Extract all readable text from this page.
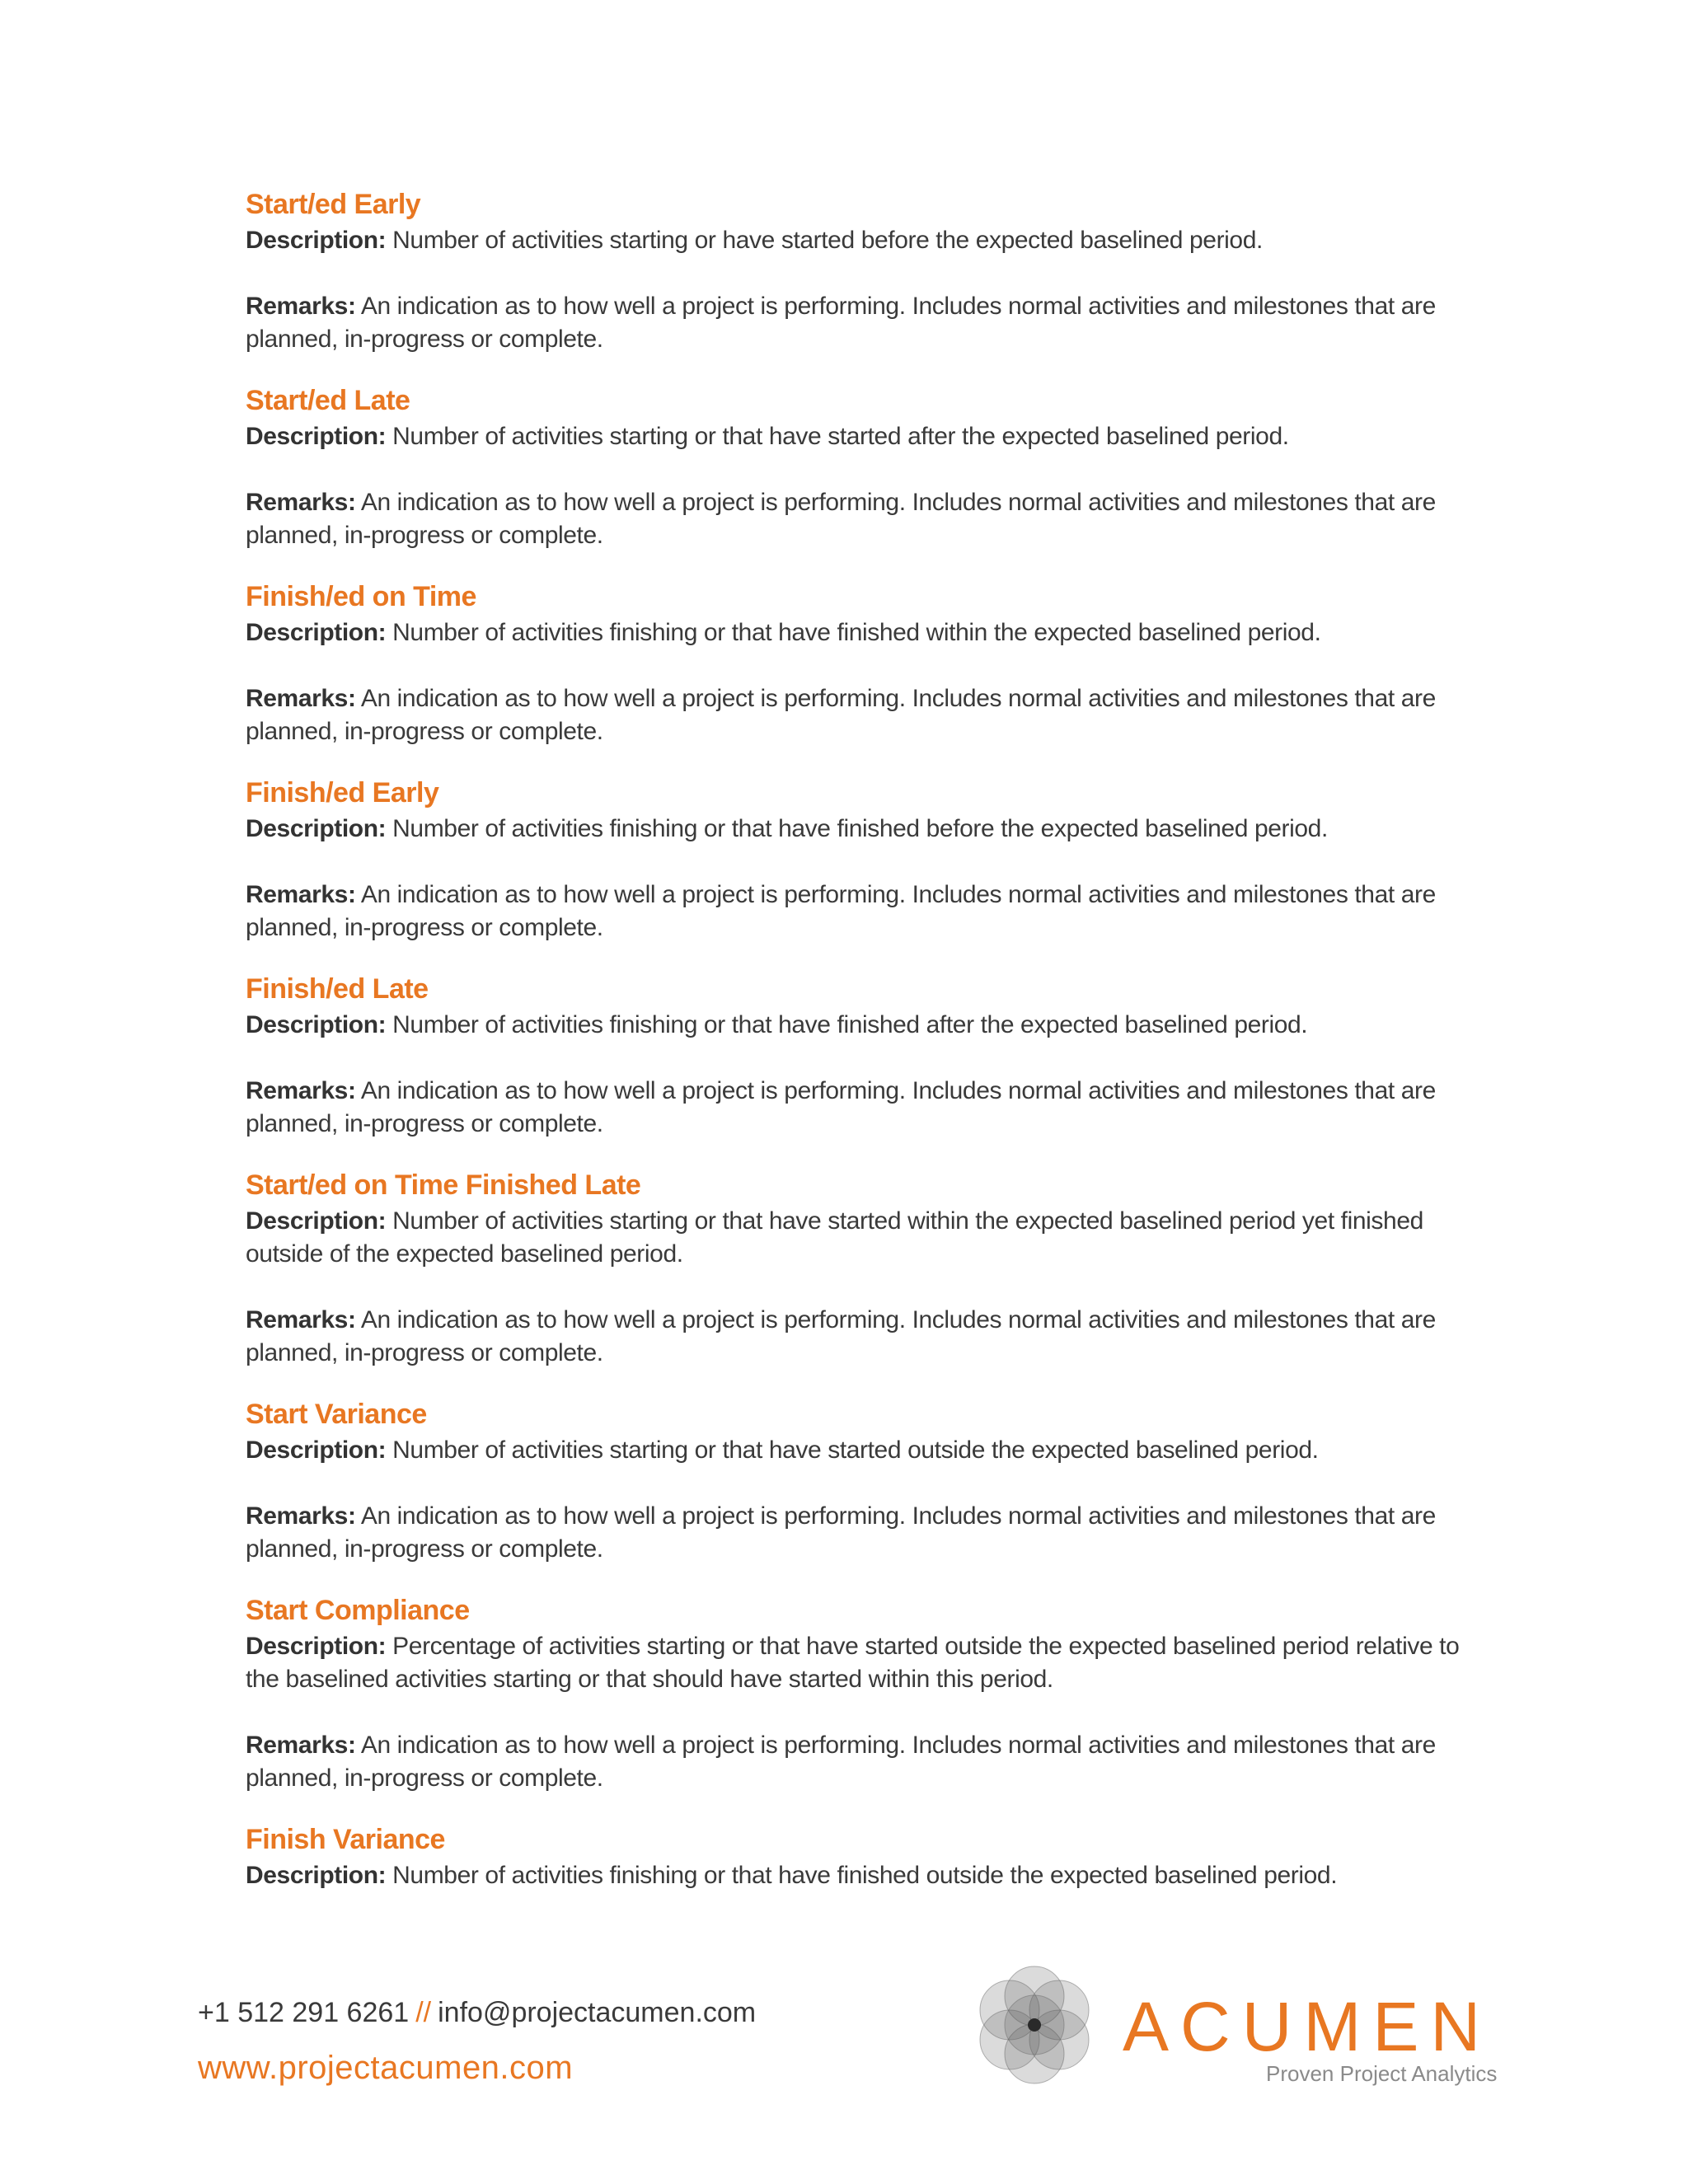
Start/ed Early

Description: Number of activities starting or have started before the expected baselined period.

Remarks: An indication as to how well a project is performing. Includes normal activities and milestones that are planned, in-progress or complete.

Start/ed Late

Description: Number of activities starting or that have started after the expected baselined period.

Remarks: An indication as to how well a project is performing. Includes normal activities and milestones that are planned, in-progress or complete.

Finish/ed on Time

Description: Number of activities finishing or that have finished within the expected baselined period.

Remarks: An indication as to how well a project is performing. Includes normal activities and milestones that are planned, in-progress or complete.

Finish/ed Early

Description: Number of activities finishing or that have finished before the expected baselined period.

Remarks: An indication as to how well a project is performing. Includes normal activities and milestones that are planned, in-progress or complete.

Finish/ed Late

Description: Number of activities finishing or that have finished after the expected baselined period.

Remarks: An indication as to how well a project is performing. Includes normal activities and milestones that are planned, in-progress or complete.

Start/ed on Time Finished Late

Description: Number of activities starting or that have started within the expected baselined period yet finished outside of the expected baselined period.

Remarks: An indication as to how well a project is performing. Includes normal activities and milestones that are planned, in-progress or complete.

Start Variance

Description: Number of activities starting or that have started outside the expected baselined period.

Remarks: An indication as to how well a project is performing. Includes normal activities and milestones that are planned, in-progress or complete.

Start Compliance

Description: Percentage of activities starting or that have started outside the expected baselined period relative to the baselined activities starting or that should have started within this period.

Remarks: An indication as to how well a project is performing. Includes normal activities and milestones that are planned, in-progress or complete.

Finish Variance

Description: Number of activities finishing or that have finished outside the expected baselined period.

+1 512 291 6261 // info@projectacumen.com
www.projectacumen.com
ACUMEN
Proven Project Analytics
